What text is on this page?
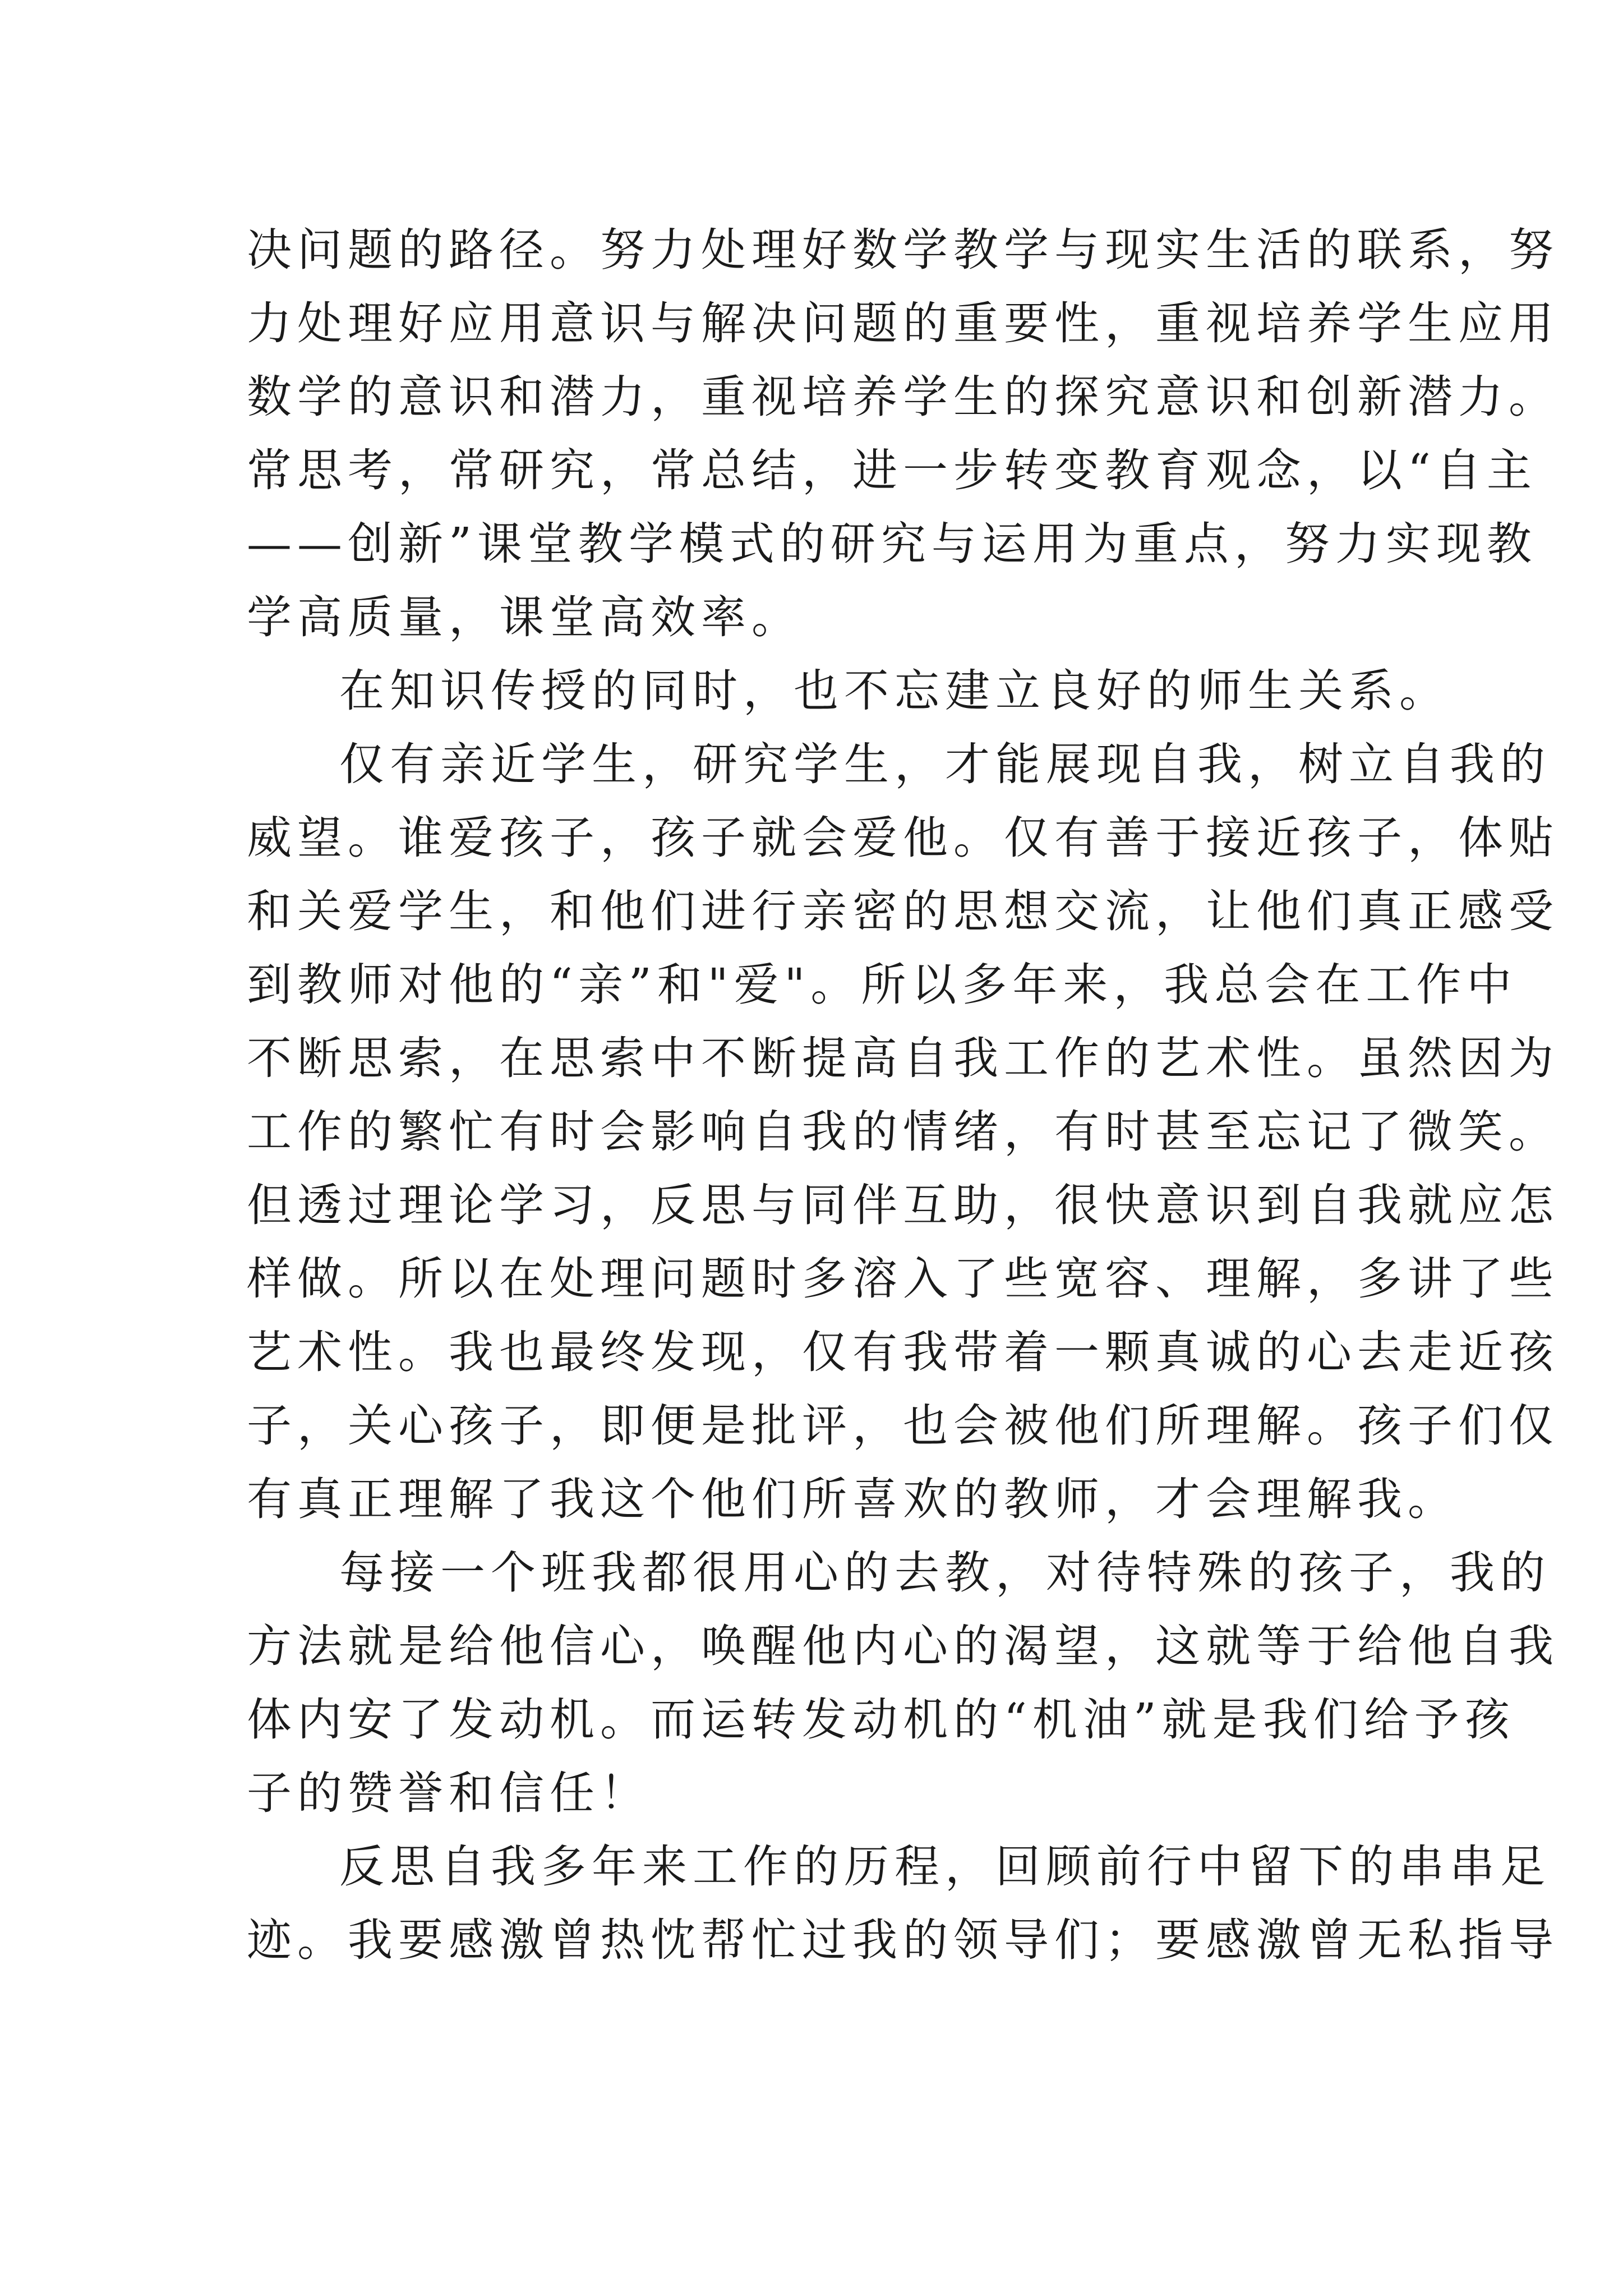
决问题的路径。努力处理好数学教学与现实生活的联系，努
力处理好应用意识与解决问题的重要性，重视培养学生应用
数学的意识和潜力，重视培养学生的探究意识和创新潜力。
常思考，常研究，常总结，进一步转变教育观念，以“自主
——创新”课堂教学模式的研究与运用为重点，努力实现教
学高质量，课堂高效率。
在知识传授的同时，也不忘建立良好的师生关系。
仅有亲近学生，研究学生，才能展现自我，树立自我的
威望。谁爱孩子，孩子就会爱他。仅有善于接近孩子，体贴
和关爱学生，和他们进行亲密的思想交流，让他们真正感受
到教师对他的“亲”和"爱"。所以多年来，我总会在工作中
不断思索，在思索中不断提高自我工作的艺术性。虽然因为
工作的繁忙有时会影响自我的情绪，有时甚至忘记了微笑。
但透过理论学习，反思与同伴互助，很快意识到自我就应怎
样做。所以在处理问题时多溶入了些宽容、理解，多讲了些
艺术性。我也最终发现，仅有我带着一颗真诚的心去走近孩
子，关心孩子，即便是批评，也会被他们所理解。孩子们仅
有真正理解了我这个他们所喜欢的教师，才会理解我。
每接一个班我都很用心的去教，对待特殊的孩子，我的
方法就是给他信心，唤醒他内心的渴望，这就等于给他自我
体内安了发动机。而运转发动机的“机油”就是我们给予孩
子的赞誉和信任！
反思自我多年来工作的历程，回顾前行中留下的串串足
迹。我要感激曾热忱帮忙过我的领导们；要感激曾无私指导
